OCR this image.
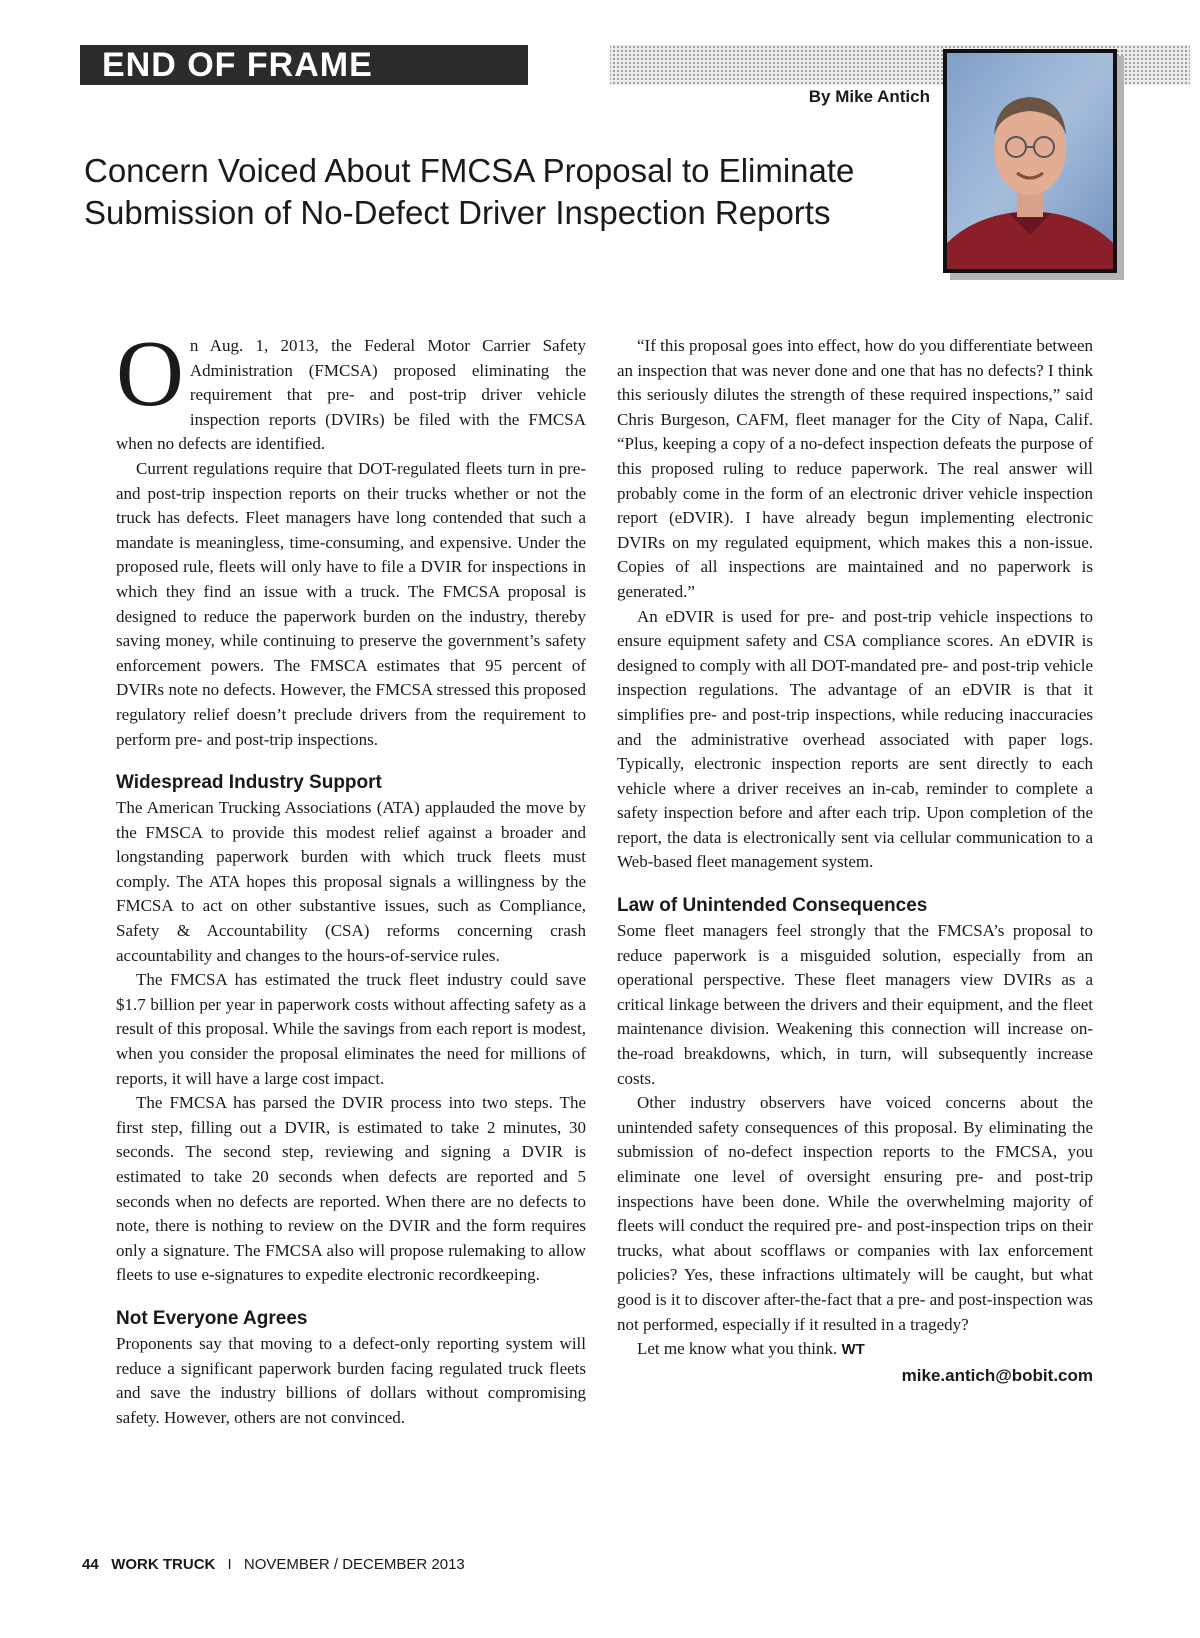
END OF FRAME
By Mike Antich
Concern Voiced About FMCSA Proposal to Eliminate Submission of No-Defect Driver Inspection Reports

On Aug. 1, 2013, the Federal Motor Carrier Safety Administration (FMCSA) proposed eliminating the requirement that pre- and post-trip driver vehicle inspection reports (DVIRs) be filed with the FMCSA when no defects are identified.

Current regulations require that DOT-regulated fleets turn in pre- and post-trip inspection reports on their trucks whether or not the truck has defects. Fleet managers have long contended that such a mandate is meaningless, time-consuming, and expensive. Under the proposed rule, fleets will only have to file a DVIR for inspections in which they find an issue with a truck. The FMCSA proposal is designed to reduce the paperwork burden on the industry, thereby saving money, while continuing to preserve the government’s safety enforcement powers. The FMSCA estimates that 95 percent of DVIRs note no defects. However, the FMCSA stressed this proposed regulatory relief doesn’t preclude drivers from the requirement to perform pre- and post-trip inspections.

Widespread Industry Support

The American Trucking Associations (ATA) applauded the move by the FMSCA to provide this modest relief against a broader and longstanding paperwork burden with which truck fleets must comply. The ATA hopes this proposal signals a willingness by the FMCSA to act on other substantive issues, such as Compliance, Safety & Accountability (CSA) reforms concerning crash accountability and changes to the hours-of-service rules.

The FMCSA has estimated the truck fleet industry could save $1.7 billion per year in paperwork costs without affecting safety as a result of this proposal. While the savings from each report is modest, when you consider the proposal eliminates the need for millions of reports, it will have a large cost impact.

The FMCSA has parsed the DVIR process into two steps. The first step, filling out a DVIR, is estimated to take 2 minutes, 30 seconds. The second step, reviewing and signing a DVIR is estimated to take 20 seconds when defects are reported and 5 seconds when no defects are reported. When there are no defects to note, there is nothing to review on the DVIR and the form requires only a signature. The FMCSA also will propose rulemaking to allow fleets to use e-signatures to expedite electronic recordkeeping.

Not Everyone Agrees

Proponents say that moving to a defect-only reporting system will reduce a significant paperwork burden facing regulated truck fleets and save the industry billions of dollars without compromising safety. However, others are not convinced.

“If this proposal goes into effect, how do you differentiate between an inspection that was never done and one that has no defects? I think this seriously dilutes the strength of these required inspections,” said Chris Burgeson, CAFM, fleet manager for the City of Napa, Calif. “Plus, keeping a copy of a no-defect inspection defeats the purpose of this proposed ruling to reduce paperwork. The real answer will probably come in the form of an electronic driver vehicle inspection report (eDVIR). I have already begun implementing electronic DVIRs on my regulated equipment, which makes this a non-issue. Copies of all inspections are maintained and no paperwork is generated.”

An eDVIR is used for pre- and post-trip vehicle inspections to ensure equipment safety and CSA compliance scores. An eDVIR is designed to comply with all DOT-mandated pre- and post-trip vehicle inspection regulations. The advantage of an eDVIR is that it simplifies pre- and post-trip inspections, while reducing inaccuracies and the administrative overhead associated with paper logs. Typically, electronic inspection reports are sent directly to each vehicle where a driver receives an in-cab, reminder to complete a safety inspection before and after each trip. Upon completion of the report, the data is electronically sent via cellular communication to a Web-based fleet management system.

Law of Unintended Consequences

Some fleet managers feel strongly that the FMCSA’s proposal to reduce paperwork is a misguided solution, especially from an operational perspective. These fleet managers view DVIRs as a critical linkage between the drivers and their equipment, and the fleet maintenance division. Weakening this connection will increase on-the-road breakdowns, which, in turn, will subsequently increase costs.

Other industry observers have voiced concerns about the unintended safety consequences of this proposal. By eliminating the submission of no-defect inspection reports to the FMCSA, you eliminate one level of oversight ensuring pre- and post-trip inspections have been done. While the overwhelming majority of fleets will conduct the required pre- and post-inspection trips on their trucks, what about scofflaws or companies with lax enforcement policies? Yes, these infractions ultimately will be caught, but what good is it to discover after-the-fact that a pre- and post-inspection was not performed, especially if it resulted in a tragedy?

Let me know what you think. WT

mike.antich@bobit.com
44 WORK TRUCK I NOVEMBER / DECEMBER 2013
